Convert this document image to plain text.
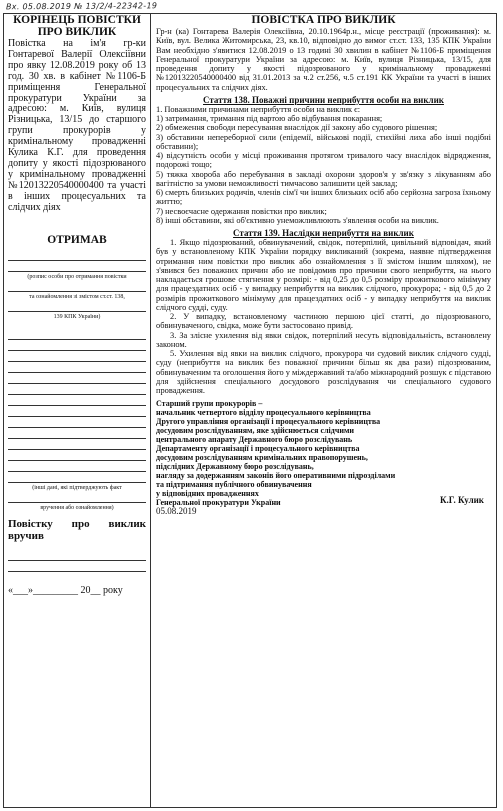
Вх. 05.08.2019 № 13/2/4-22342-19
КОРІНЕЦЬ ПОВІСТКИ ПРО ВИКЛИК
Повістка на ім'я гр-ки Гонтаревої Валерії Олексіївни про явку 12.08.2019 року об 13 год. 30 хв. в кабінет №1106-Б приміщення Генеральної прокуратури України за адресою: м. Київ, вулиця Різницька, 13/15 до старшого групи прокурорів у кримінальному провадженні Кулика К.Г. для проведення допиту у якості підозрюваного у кримінальному провадженні №12013220540000400 та участі в інших процесуальних та слідчих діях
ОТРИМАВ
(розпис особи про отримання повістки
та ознайомлення зі змістом ст.ст. 138,
139 КПК України)
(інші дані, які підтверджують факт
вручення або ознайомлення)
Повістку про виклик вручив
«___»_________ 20__ року
ПОВІСТКА ПРО ВИКЛИК
Гр-н (ка) Гонтарева Валерія Олексіївна, 20.10.1964р.н., місце реєстрації (проживання): м. Київ, вул. Велика Житомирська, 23, кв.10, відповідно до вимог ст.ст. 133, 135 КПК України Вам необхідно з'явитися 12.08.2019 о 13 годині 30 хвилин в кабінет №1106-Б приміщення Генеральної прокуратури України за адресою: м. Київ, вулиця Різницька, 13/15, для проведення допиту у якості підозрюваного у кримінальному провадженні №12013220540000400 від 31.01.2013 за ч.2 ст.256, ч.5 ст.191 КК України та участі в інших процесуальних та слідчих діях.
Стаття 138. Поважні причини неприбуття особи на виклик
1. Поважними причинами неприбуття особи на виклик є:
1) затримання, тримання під вартою або відбування покарання;
2) обмеження свободи пересування внаслідок дії закону або судового рішення;
3) обставини непереборної сили (епідемії, військові події, стихійні лиха або інші подібні обставини);
4) відсутність особи у місці проживання протягом тривалого часу внаслідок відрядження, подорожі тощо;
5) тяжка хвороба або перебування в закладі охорони здоров'я у зв'язку з лікуванням або вагітністю за умови неможливості тимчасово залишити цей заклад;
6) смерть близьких родичів, членів сім'ї чи інших близьких осіб або серйозна загроза їхньому життю;
7) несвоєчасне одержання повістки про виклик;
8) інші обставини, які об'єктивно унеможливлюють з'явлення особи на виклик.
Стаття 139. Наслідки неприбуття на виклик
1. Якщо підозрюваний, обвинувачений, свідок, потерпілий, цивільний відповідач, який був у встановленому КПК України порядку викликаний (зокрема, наявне підтвердження отримання ним повістки про виклик або ознайомлення з її змістом іншим шляхом), не з'явився без поважних причин або не повідомив про причини свого неприбуття, на нього накладається грошове стягнення у розмірі: - від 0,25 до 0,5 розміру прожиткового мінімуму для працездатних осіб - у випадку неприбуття на виклик слідчого, прокурора; - від 0,5 до 2 розмірів прожиткового мінімуму для працездатних осіб - у випадку неприбуття на виклик слідчого судді, суду.
2. У випадку, встановленому частиною першою цієї статті, до підозрюваного, обвинуваченого, свідка, може бути застосовано привід.
3. За злісне ухилення від явки свідок, потерпілий несуть відповідальність, встановлену законом.
5. Ухилення від явки на виклик слідчого, прокурора чи судовий виклик слідчого судді, суду (неприбуття на виклик без поважної причини більш як два рази) підозрюваним, обвинуваченим та оголошення його у міждержавний та/або міжнародний розшук є підставою для здійснення спеціального досудового розслідування чи спеціального судового провадження.
Старший групи прокурорів –
начальник четвертого відділу процесуального керівництва
Другого управління організації і процесуального керівництва
досудовим розслідуванням, яке здійснюється слідчими
центрального апарату Державного бюро розслідувань
Департаменту організації і процесуального керівництва
досудовим розслідуванням кримінальних правопорушень,
підслідних Державному бюро розслідувань,
нагляду за додержанням законів його оперативними підрозділами
та підтримання публічного обвинувачення
у відповідних провадженнях
Генеральної прокуратури України	К.Г. Кулик
05.08.2019
